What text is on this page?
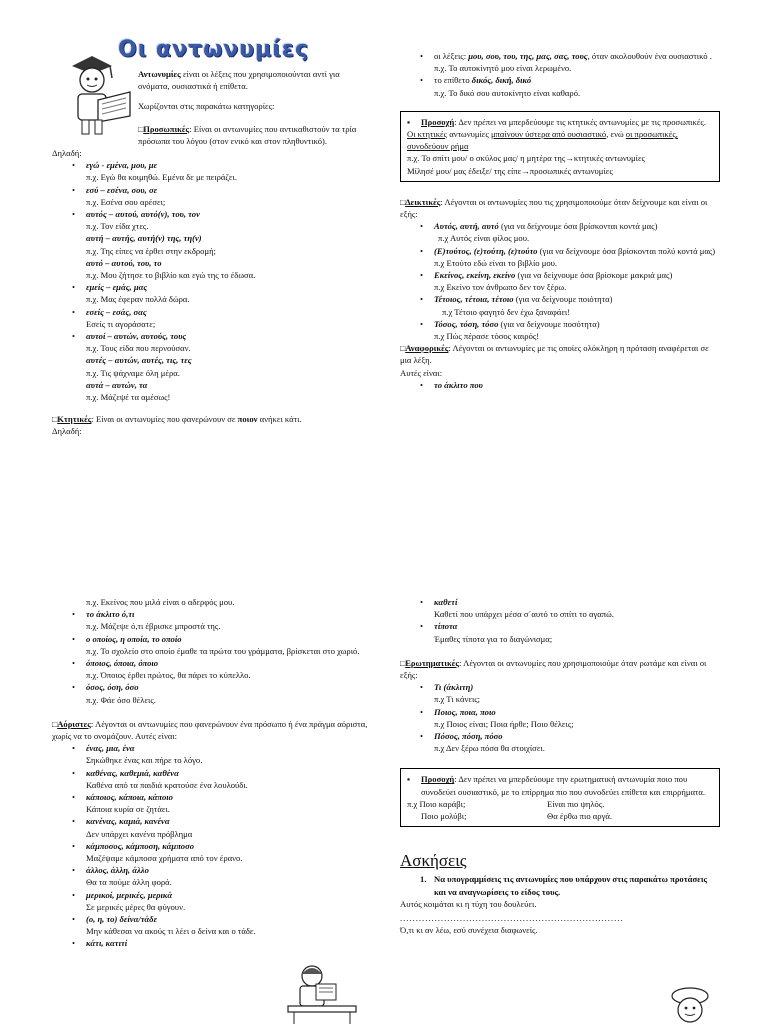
Οι αντωνυμίες

Αντωνυμίες είναι οι λέξεις που χρησιμοποιούνται αντί για ονόματα, ουσιαστικά ή επίθετα.

Χωρίζονται στις παρακάτω κατηγορίες:

□Προσωπικές: Είναι οι αντωνυμίες που αντικαθιστούν τα τρία πρόσωπα του λόγου (στον ενικό και στον πληθυντικό).

Δηλαδή:

• εγώ - εμένα, μου, με
π.χ. Εγώ θα κοιμηθώ. Εμένα δε με πειράζει.
• εσύ – εσένα, σου, σε
π.χ. Εσένα σου αρέσει;
• αυτός – αυτού, αυτό(ν), του, τον
π.χ. Τον είδα χτες.
αυτή – αυτής, αυτή(ν) της, τη(ν)
π.χ. Της είπες να έρθει στην εκδρομή;
αυτό – αυτού, του, το
π.χ. Μου ζήτησε το βιβλίο και εγώ της το έδωσα.
• εμείς – εμάς, μας
π.χ. Μας έφεραν πολλά δώρα.
• εσείς – εσάς, σας
Εσείς τι αγοράσατε;
• αυτοί – αυτών, αυτούς, τους
π.χ. Τους είδα που περνούσαν.
αυτές – αυτών, αυτές, τις, τες
π.χ. Τις ψάχναμε όλη μέρα.
αυτά – αυτών, τα
π.χ. Μάζεψέ τα αμέσως!

□Κτητικές: Είναι οι αντωνυμίες που φανερώνουν σε ποιον ανήκει κάτι.

Δηλαδή:

• οι λέξεις: μου, σου, του, της, μας, σας, τους, όταν ακολουθούν ένα ουσιαστικό .
π.χ. Το αυτοκίνητό μου είναι λερωμένο.
• το επίθετο δικός, δική, δικό
π.χ. Το δικό σου αυτοκίνητο είναι καθαρό.
▪ Προσοχή: Δεν πρέπει να μπερδεύουμε τις κτητικές αντωνυμίες με τις προσωπικές.

Οι κτητικές αντωνυμίες μπαίνουν ύστερα από ουσιαστικό, ενώ οι προσωπικές, συνοδεύουν ρήμα

π.χ. Το σπίτι μου/ ο σκύλος μας/ η μητέρα της→κτητικές αντωνυμίες

Μίλησέ μου/ μας έδειξε/ της είπε→προσωπικές αντωνυμίες

□Δεικτικές: Λέγονται οι αντωνυμίες που τις χρησιμοποιούμε όταν δείχνουμε και είναι οι εξής:

• Αυτός, αυτή, αυτό (για να δείχνουμε όσα βρίσκονται κοντά μας)
π.χ Αυτός είναι φίλος μου.
• (Ε)τούτος, (ε)τούτη, (ε)τούτο (για να δείχνουμε όσα βρίσκονται πολύ κοντά μας)
π.χ Ετούτο εδώ είναι το βιβλίο μου.
• Εκείνος, εκείνη, εκείνο (για να δείχνουμε όσα βρίσκομε μακριά μας)
π.χ Εκείνο τον άνθρωπο δεν τον ξέρω.
• Τέτοιος, τέτοια, τέτοιο (για να δείχνουμε ποιότητα)
π.χ Τέτοιο φαγητό δεν έχω ξαναφάει!
• Τόσος, τόση, τόσο (για να δείχνουμε ποσότητα)
π.χ Πώς πέρασε τόσος καιρός!

□Αναφορικές: Λέγονται οι αντωνυμίες με τις οποίες ολόκληρη η πρόταση αναφέρεται σε μια λέξη.

Αυτές είναι:

• το άκλιτο που

π.χ. Εκείνος που μιλά είναι ο αδερφός μου.

• το άκλιτο ό,τι
π.χ. Μάζεψε ό,τι έβρισκε μπροστά της.
• ο οποίος, η οποία, το οποίο
π.χ. Το σχολείο στο οποίο έμαθε τα πρώτα του γράμματα, βρίσκεται στο χωριό.
• όποιος, όποια, όποιο
π.χ. Όποιος έρθει πρώτος, θα πάρει το κύπελλο.
• όσος, όση, όσο
π.χ. Φάε όσο θέλεις.

□Αόριστες: Λέγονται οι αντωνυμίες που φανερώνουν ένα πρόσωπο ή ένα πράγμα αόριστα, χωρίς να το ονομάζουν. Αυτές είναι:

• ένας, μια, ένα
Σηκώθηκε ένας και πήρε το λόγο.
• καθένας, καθεμιά, καθένα
Καθένα από τα παιδιά κρατούσε ένα λουλούδι.
• κάποιος, κάποια, κάποιο
Κάποια κυρία σε ζητάει.
• κανένας, καμιά, κανένα
Δεν υπάρχει κανένα πρόβλημα
• κάμποσος, κάμποση, κάμποσο
Μαζέψαμε κάμποσα χρήματα από τον έρανο.
• άλλος, άλλη, άλλο
Θα τα πούμε άλλη φορά.
• μερικοί, μερικές, μερικά
Σε μερικές μέρες θα φύγουν.
• (ο, η, το) δείνα/τάδε
Μην κάθεσαι να ακούς τι λέει ο δείνα και ο τάδε.
• κάτι, κατιτί
• καθετί
Καθετί που υπάρχει μέσα σ΄αυτό το σπίτι το αγαπώ.
• τίποτα
Έμαθες τίποτα για το διαγώνισμα;

□Ερωτηματικές: Λέγονται οι αντωνυμίες που χρησιμοποιούμε όταν ρωτάμε και είναι οι εξής:

• Τι (άκλιτη)
π.χ Τι κάνεις;
• Ποιος, ποια, ποιο
π.χ Ποιος είναι; Ποια ήρθε; Ποιο θέλεις;
• Πόσος, πόση, πόσο
π.χ Δεν ξέρω πόσα θα στοιχίσει.
▪ Προσοχή: Δεν πρέπει να μπερδεύουμε την ερωτηματική αντωνυμία ποιο που συνοδεύει ουσιαστικό, με το επίρρημα πιο που συνοδεύει επίθετα και επιρρήματα.
π.χ Ποιο καράβι;	Είναι πιο ψηλός.
Ποιο μολύβι;	Θα έρθω πιο αργά.
Ασκήσεις
1. Να υπογραμμίσεις τις αντωνυμίες που υπάρχουν στις παρακάτω προτάσεις και να αναγνωρίσεις το είδος τους.

Αυτός κοιμάται κι η τύχη του δουλεύει.

.......................................................................

Ό,τι κι αν λέω, εσύ συνέχεια διαφωνείς.
